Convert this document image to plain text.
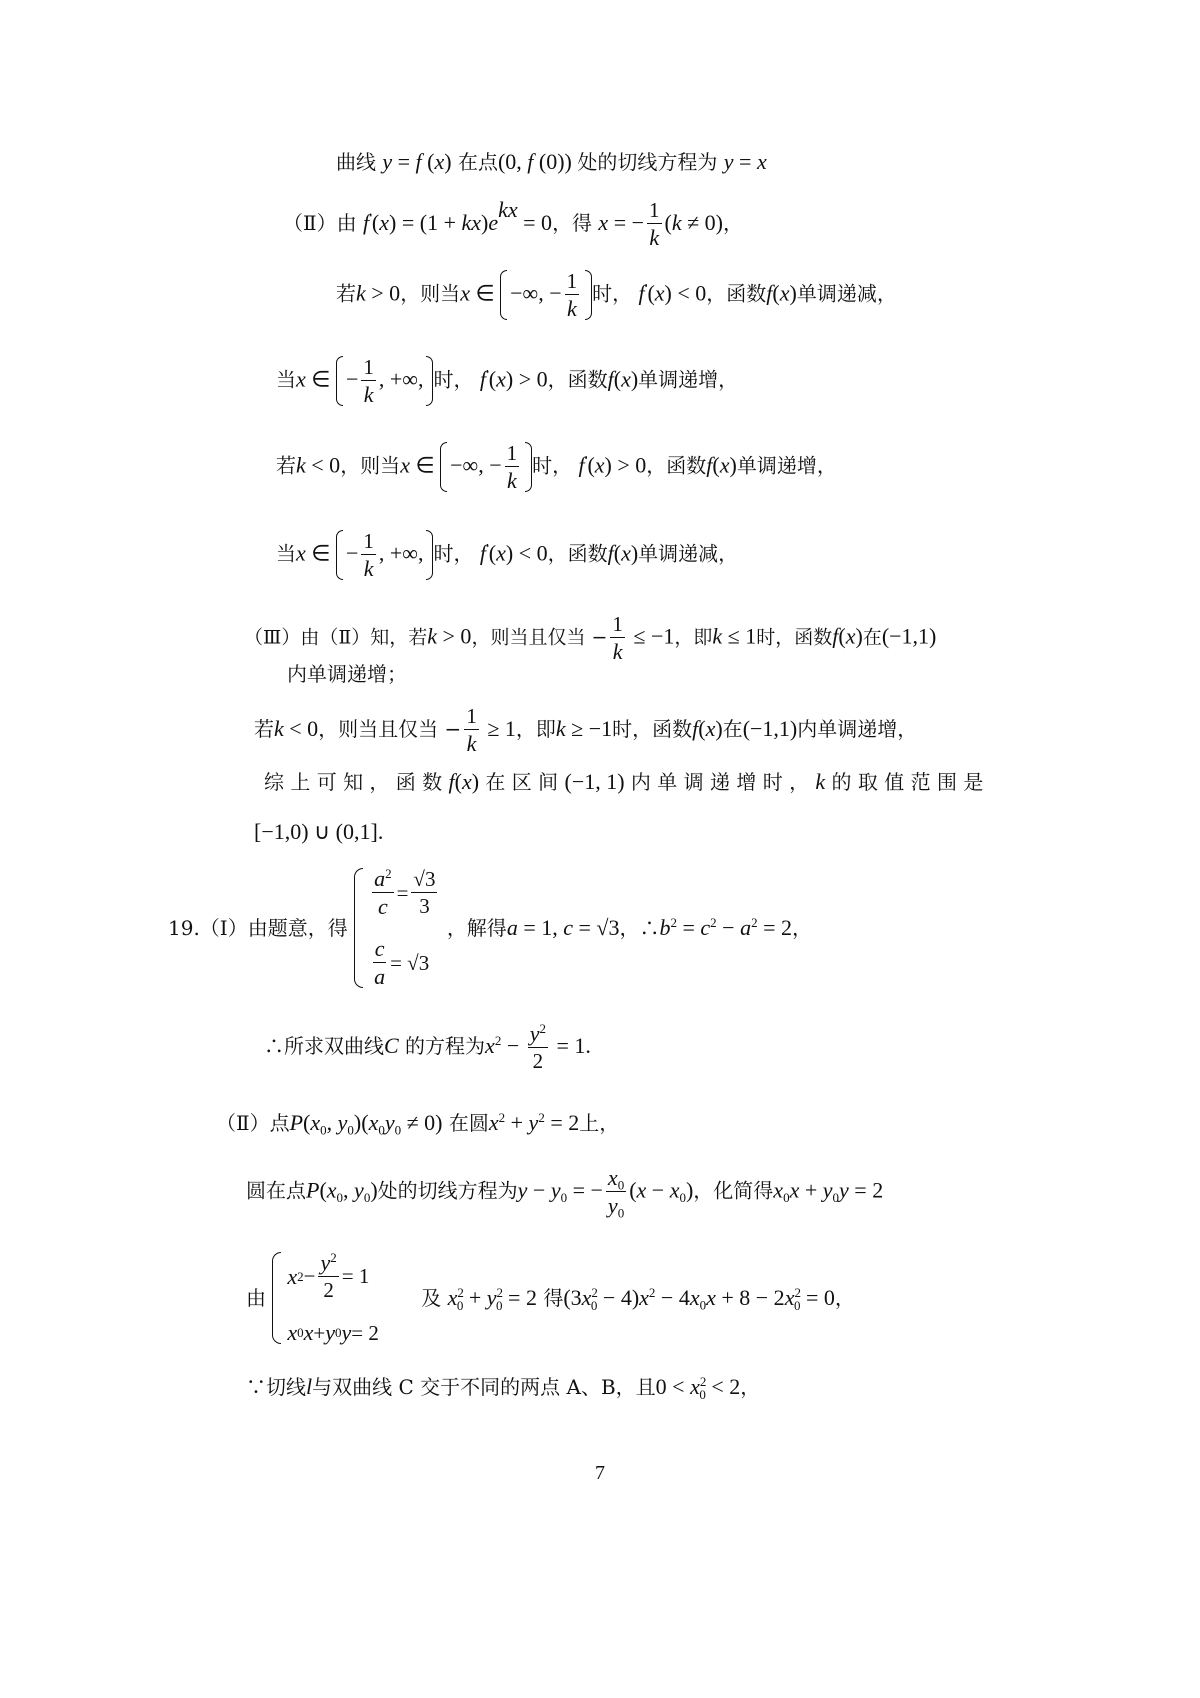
曲线 y = f (x) 在点(0, f (0)) 处的切线方程为 y = x
（Ⅱ）由 $f'(x) = (1 + kx)e^{kx} = 0$，得 x = − $\frac{1}{k} (k \ne 0)$，
若k > 0，则当x ∈ −∞, − $\frac{1}{k}$ 时， f′(x) < 0，函数f(x)单调递减，
当x ∈ − $\frac{1}{k}$ , +∞, 时， f′(x) > 0，函数f(x)单调递增，
若k < 0，则当x ∈ −∞, − $\frac{1}{k}$ 时， f′(x) > 0，函数f(x)单调递增，
当x ∈ − $\frac{1}{k}$ , +∞, 时， f′(x) < 0，函数f(x)单调递减，
（Ⅲ）由（Ⅱ）知，若k > 0，则当且仅当 − $\frac{1}{k} \le -1$，即k ≤ 1时，函数f(x)在(−1,1)
内单调递增；
若k < 0，则当且仅当 − $\frac{1}{k} \ge 1$，即k ≥ −1时，函数f(x)在(−1,1)内单调递增，
综 上 可 知 ， 函 数 f(x) 在 区 间 (−1, 1) 内 单 调 递 增 时 ， k 的 取 值 范 围 是
[−1,0) ∪ (0,1].
19.（Ⅰ）由题意，得
$\frac{a^2}{c} = \frac{√3}{3}$
$\frac{c}{a} = √3$
，解得a = 1, c = √3，$\therefore b^2 = c^2 - a^2 = 2$，
∴所求双曲线C 的方程为$x^2 - \frac{y^2}{2} = 1$.
（Ⅱ）点$P(x_0$, $y_0)(x_0y_0 \ne 0)$ 在圆$x^2 + y^2 = 2$上，
圆在点$P(x_0$, $y_0$)处的切线方程为$y - y_0$ = − $\frac{x_0}{y_0} (x - x_0)$，化简得$x_0x + y_0y = 2$
由
x $2 - \frac{y^2}{2} = 1$
x 0 x + y 0 y = 2
及 $x^2_0 + y^2_0 = 2$ 得$(3x^2_0 - 4)x^2 - 4x_0x + 8 - 2x^2_0 = 0$，
∵切线l与双曲线 C 交于不同的两点 A、B，且$0 < x^2_0 < 2$，
7
